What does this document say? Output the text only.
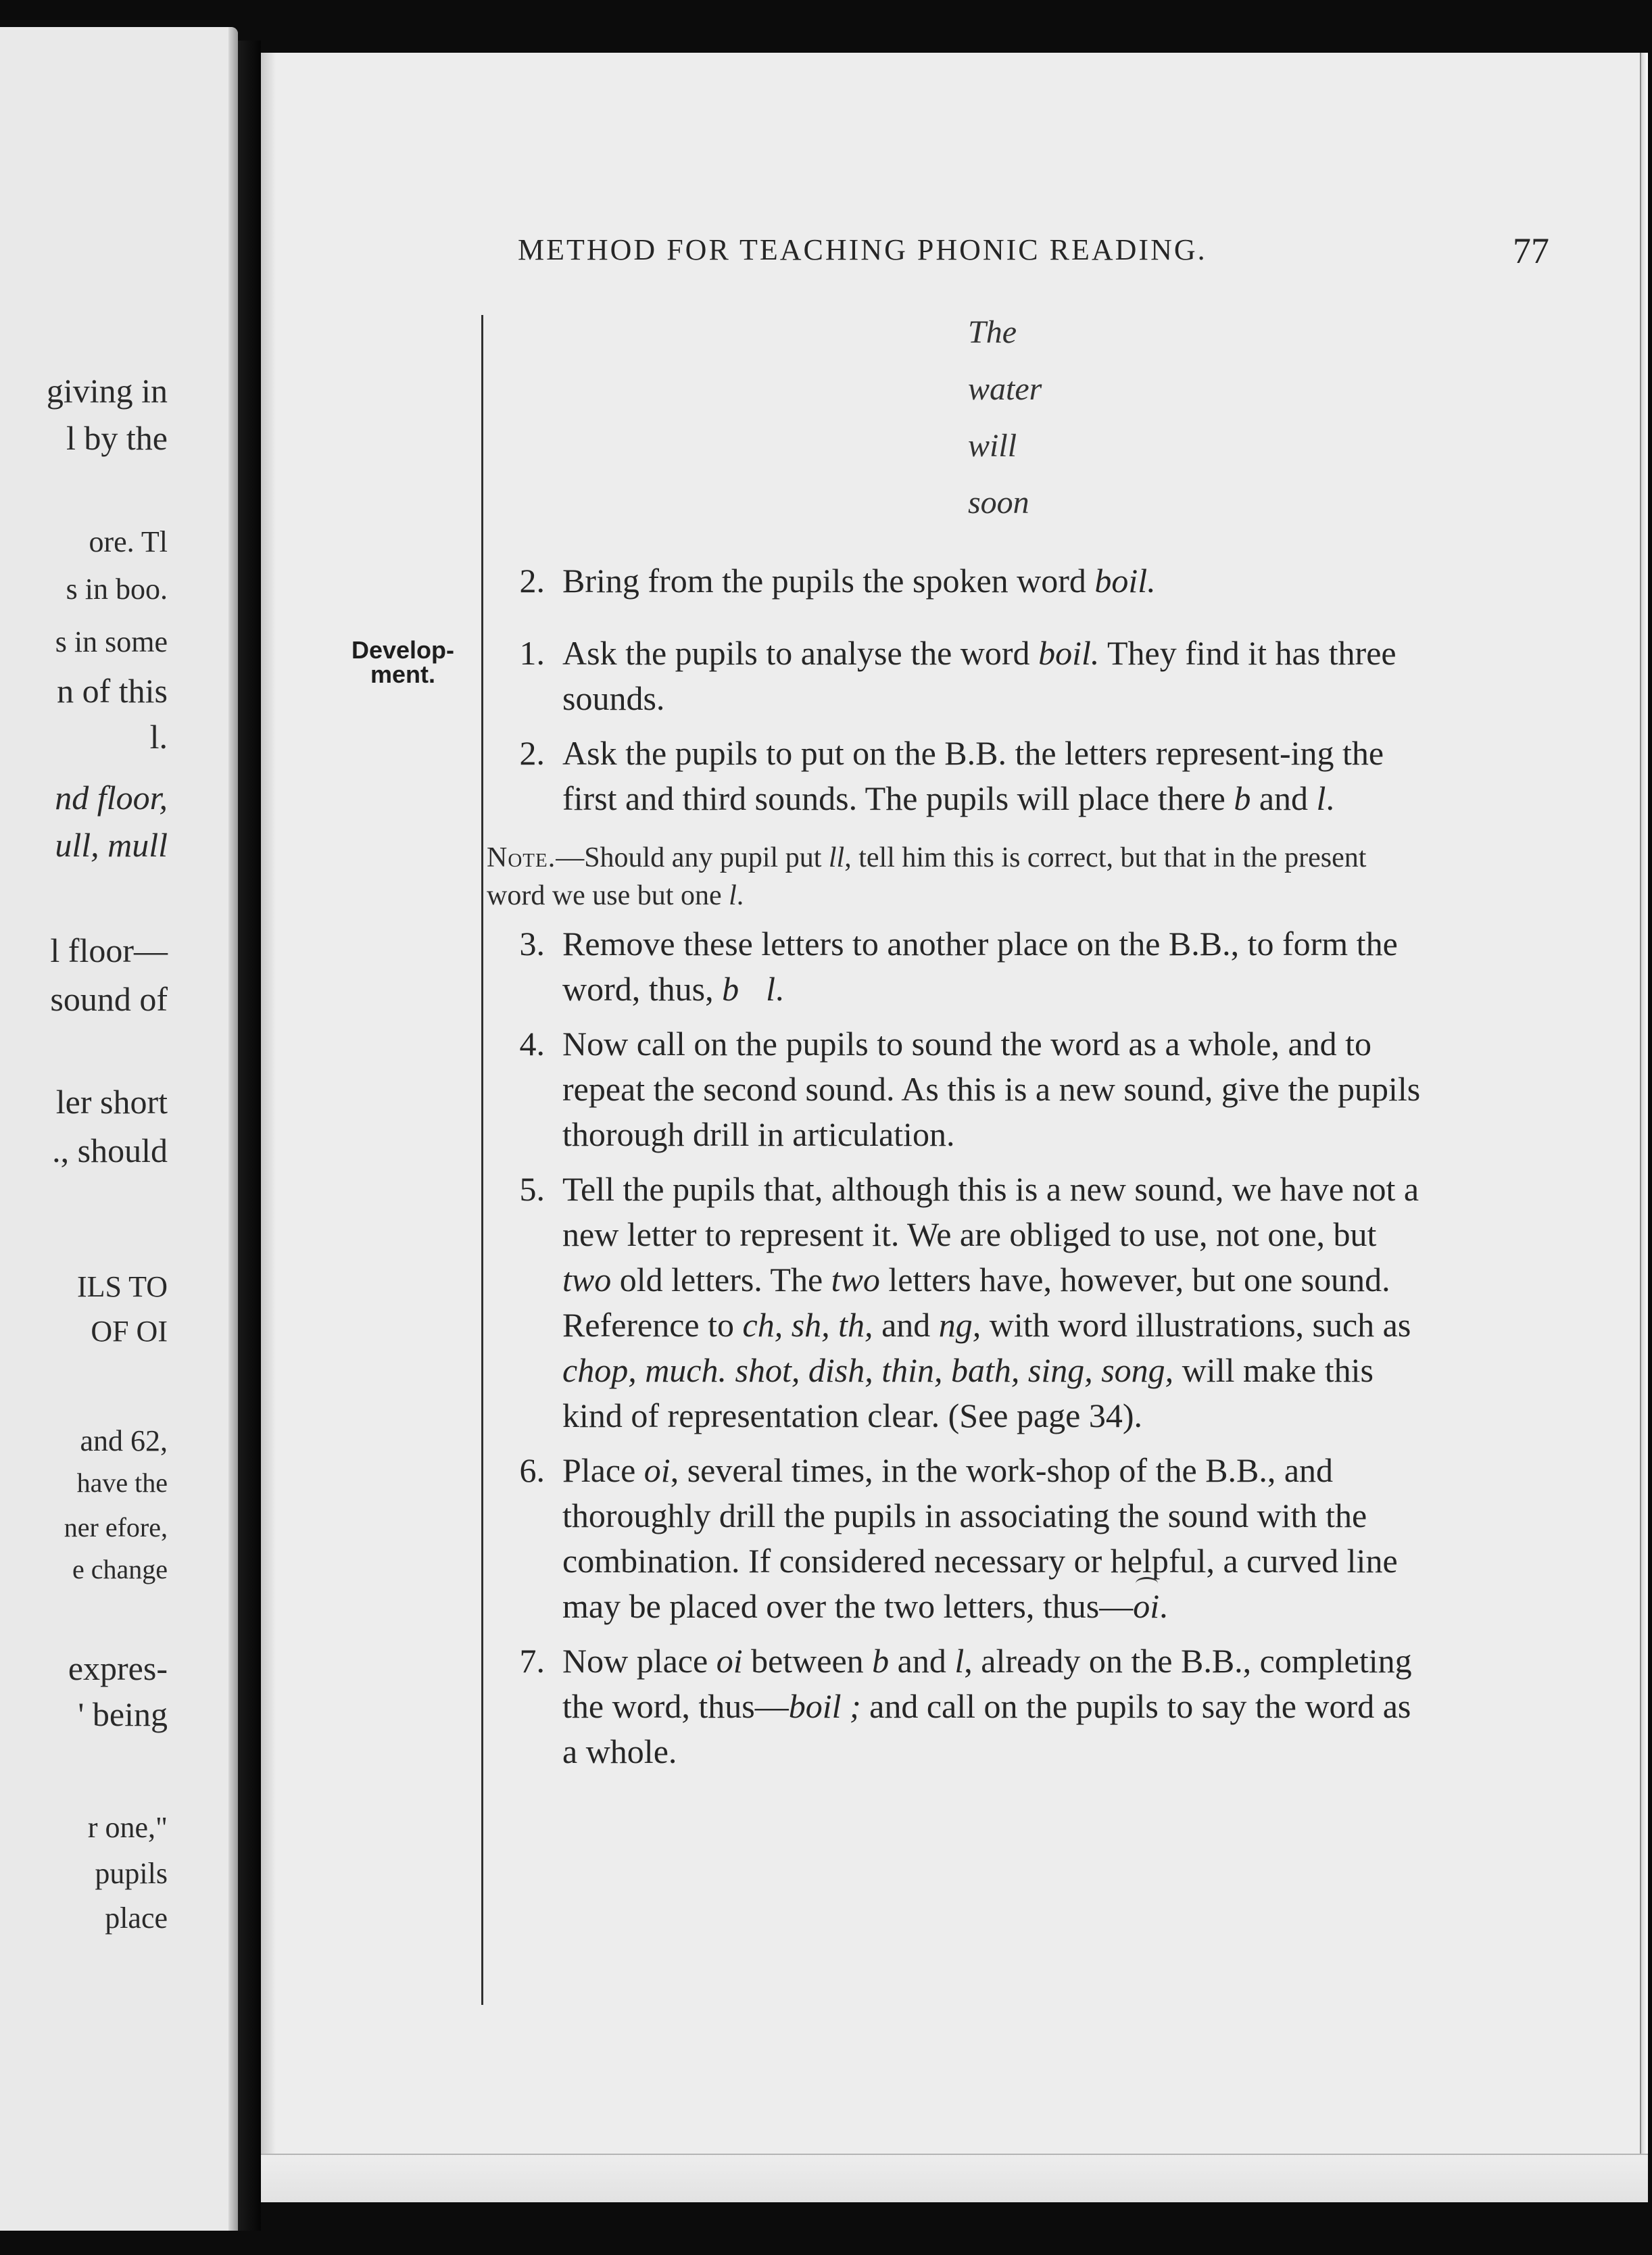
giving in
l by the
ore. Tl
s in boo.
s in some
n of this
l.
nd floor,
ull, mull
l floor—
sound of
ler short
., should
ILS TO
OF OI
and 62,
have the
ner efore,
e change
expres-
' being
r one,"
pupils
place
METHOD FOR TEACHING PHONIC READING.	77
Develop-
ment.
The
water
will
soon

2. Bring from the pupils the spoken word boil.

1. Ask the pupils to analyse the word boil. They find it has three sounds.

2. Ask the pupils to put on the B.B. the letters represent-ing the first and third sounds. The pupils will place there b and l.

Note.—Should any pupil put ll, tell him this is correct, but that in the present word we use but one l.

3. Remove these letters to another place on the B.B., to form the word, thus, b l.

4. Now call on the pupils to sound the word as a whole, and to repeat the second sound. As this is a new sound, give the pupils thorough drill in articulation.

5. Tell the pupils that, although this is a new sound, we have not a new letter to represent it. We are obliged to use, not one, but two old letters. The two letters have, however, but one sound. Reference to ch, sh, th, and ng, with word illustrations, such as chop, much. shot, dish, thin, bath, sing, song, will make this kind of representation clear. (See page 34).

6. Place oi, several times, in the work-shop of the B.B., and thoroughly drill the pupils in associating the sound with the combination. If considered necessary or helpful, a curved line may be placed over the two letters, thus—oi.

7. Now place oi between b and l, already on the B.B., completing the word, thus—boil ; and call on the pupils to say the word as a whole.
